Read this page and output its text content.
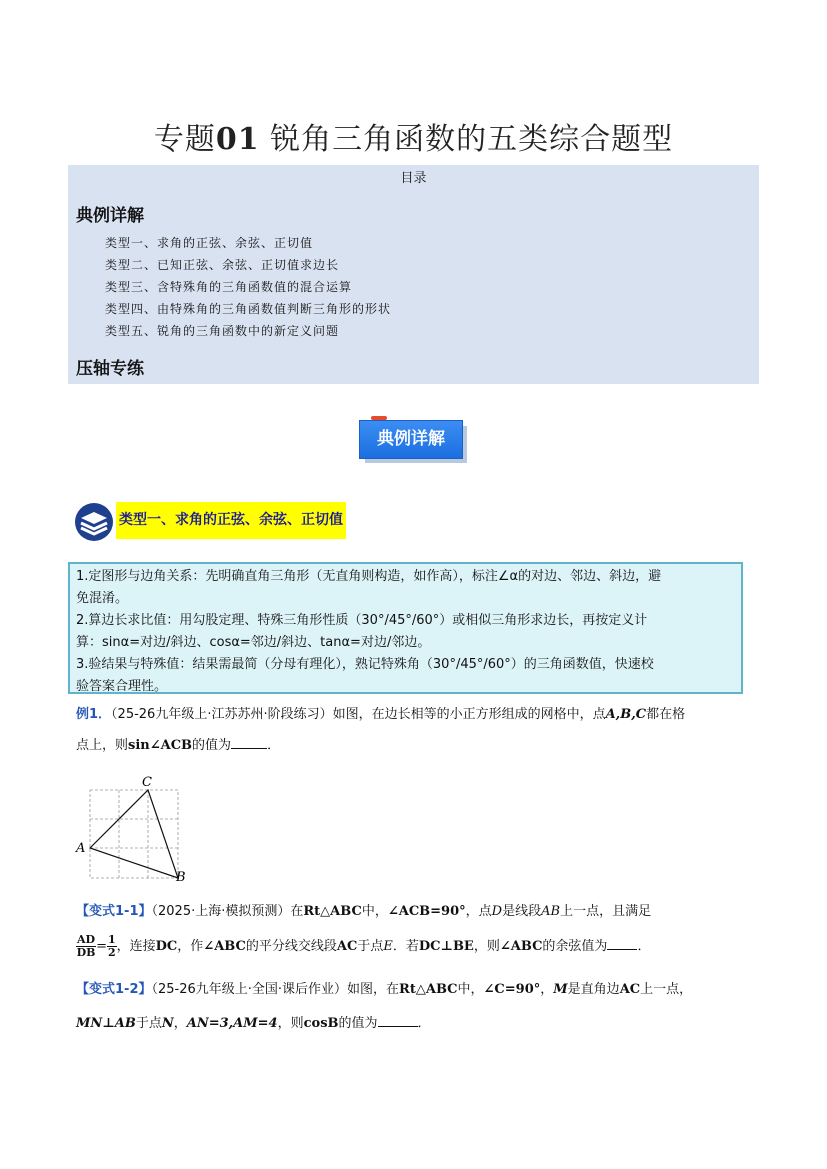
专题01 锐角三角函数的五类综合题型
目录
典例详解
类型一、求角的正弦、余弦、正切值
类型二、已知正弦、余弦、正切值求边长
类型三、含特殊角的三角函数值的混合运算
类型四、由特殊角的三角函数值判断三角形的形状
类型五、锐角的三角函数中的新定义问题
压轴专练
典例详解
类型一、求角的正弦、余弦、正切值
1.定图形与边角关系：先明确直角三角形（无直角则构造，如作高），标注∠α的对边、邻边、斜边，避
免混淆。
2.算边长求比值：用勾股定理、特殊三角形性质（30°/45°/60°）或相似三角形求边长，再按定义计
算：sinα=对边/斜边、cosα=邻边/斜边、tanα=对边/邻边。
3.验结果与特殊值：结果需最简（分母有理化），熟记特殊角（30°/45°/60°）的三角函数值，快速校
验答案合理性。
例1．（25-26九年级上·江苏苏州·阶段练习）如图，在边长相等的小正方形组成的网格中，点A,B,C都在格
点上，则sin∠ACB的值为	．
C
A
B
【变式1-1】（2025·上海·模拟预测）在Rt△ABC中，∠ACB=90°，点D是线段AB上一点，且满足
$\frac{AD}{DB} = \frac{1}{2}$ ，连接DC，作∠ABC的平分线交线段AC于点E．若DC⊥BE，则∠ABC的余弦值为 ．
【变式1-2】（25-26九年级上·全国·课后作业）如图，在Rt△ABC中，∠C=90°，M是直角边AC上一点，
MN⊥AB于点N，AN=3,AM=4，则cosB的值为	．
